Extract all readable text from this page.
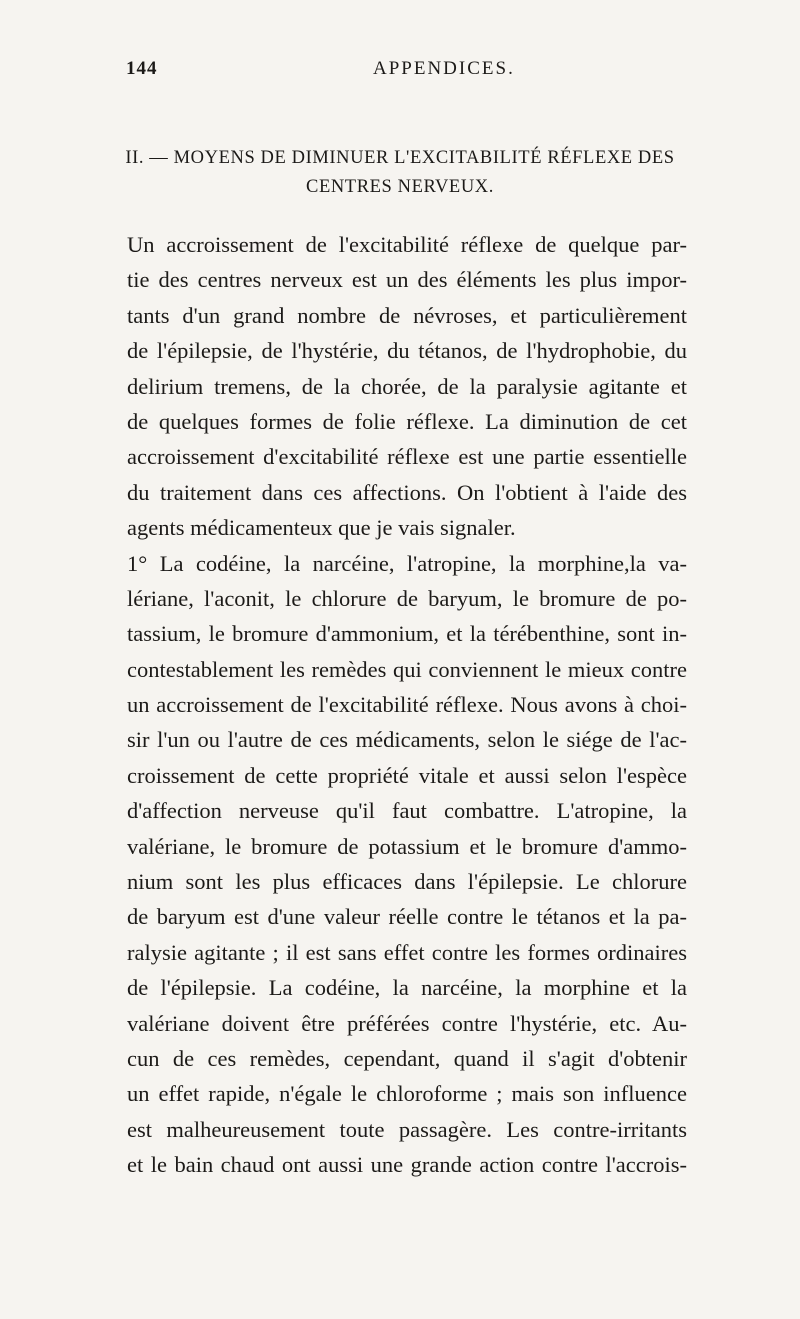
144	APPENDICES.
II. — MOYENS DE DIMINUER L'EXCITABILITÉ RÉFLEXE DES
CENTRES NERVEUX.
Un accroissement de l'excitabilité réflexe de quelque par-
tie des centres nerveux est un des éléments les plus impor-
tants d'un grand nombre de névroses, et particulièrement
de l'épilepsie, de l'hystérie, du tétanos, de l'hydrophobie, du
delirium tremens, de la chorée, de la paralysie agitante et
de quelques formes de folie réflexe. La diminution de cet
accroissement d'excitabilité réflexe est une partie essentielle
du traitement dans ces affections. On l'obtient à l'aide des
agents médicamenteux que je vais signaler.
1° La codéine, la narcéine, l'atropine, la morphine,la va-
lériane, l'aconit, le chlorure de baryum, le bromure de po-
tassium, le bromure d'ammonium, et la térébenthine, sont in-
contestablement les remèdes qui conviennent le mieux contre
un accroissement de l'excitabilité réflexe. Nous avons à choi-
sir l'un ou l'autre de ces médicaments, selon le siége de l'ac-
croissement de cette propriété vitale et aussi selon l'espèce
d'affection nerveuse qu'il faut combattre. L'atropine, la
valériane, le bromure de potassium et le bromure d'ammo-
nium sont les plus efficaces dans l'épilepsie. Le chlorure
de baryum est d'une valeur réelle contre le tétanos et la pa-
ralysie agitante ; il est sans effet contre les formes ordinaires
de l'épilepsie. La codéine, la narcéine, la morphine et la
valériane doivent être préférées contre l'hystérie, etc. Au-
cun de ces remèdes, cependant, quand il s'agit d'obtenir
un effet rapide, n'égale le chloroforme ; mais son influence
est malheureusement toute passagère. Les contre-irritants
et le bain chaud ont aussi une grande action contre l'accrois-
